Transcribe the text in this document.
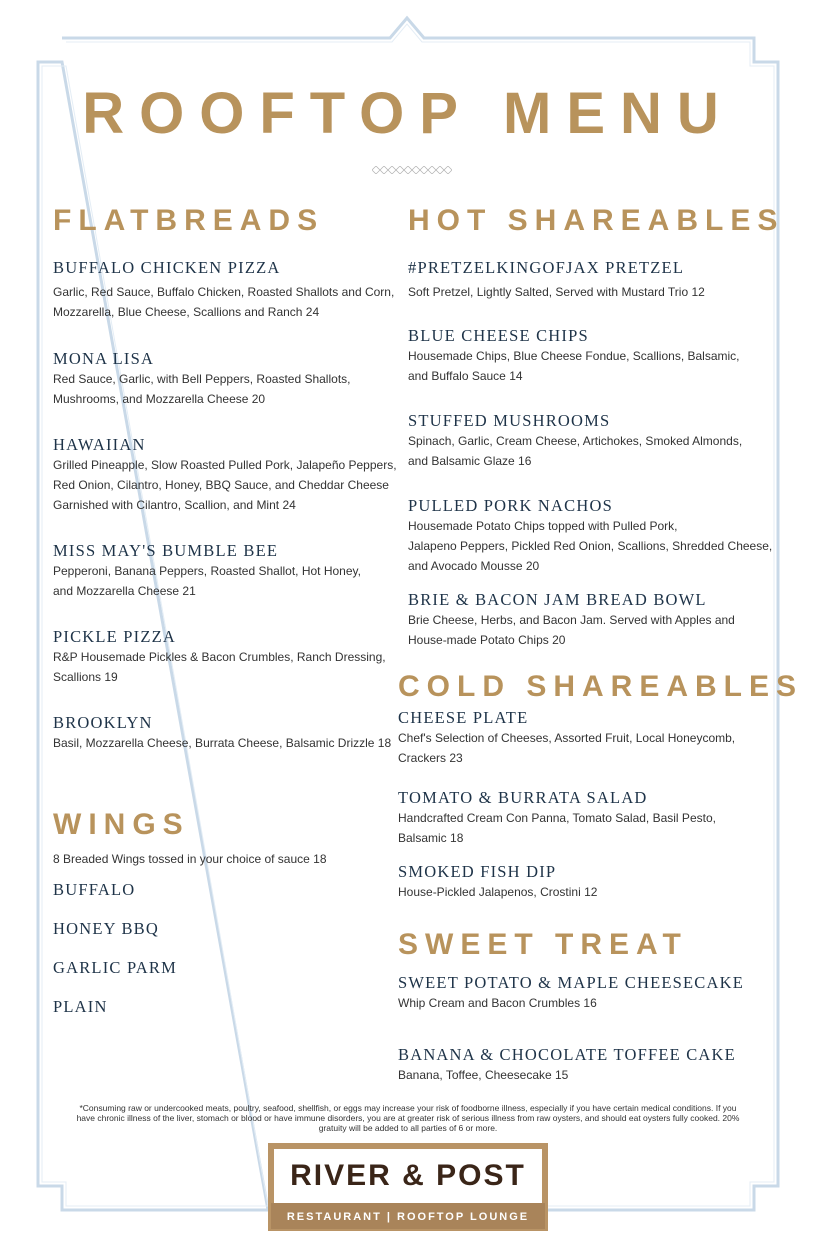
ROOFTOP MENU
FLATBREADS
BUFFALO CHICKEN PIZZA
Garlic, Red Sauce, Buffalo Chicken, Roasted Shallots and Corn,
Mozzarella, Blue Cheese, Scallions and Ranch 24
MONA LISA
Red Sauce, Garlic, with Bell Peppers, Roasted Shallots,
Mushrooms, and Mozzarella Cheese 20
HAWAIIAN
Grilled Pineapple, Slow Roasted Pulled Pork, Jalapeño Peppers,
Red Onion, Cilantro, Honey, BBQ Sauce, and Cheddar Cheese
Garnished with Cilantro, Scallion, and Mint 24
MISS MAY'S BUMBLE BEE
Pepperoni, Banana Peppers, Roasted Shallot, Hot Honey,
and Mozzarella Cheese 21
PICKLE PIZZA
R&P Housemade Pickles & Bacon Crumbles, Ranch Dressing,
Scallions 19
BROOKLYN
Basil, Mozzarella Cheese, Burrata Cheese, Balsamic Drizzle 18
WINGS
8 Breaded Wings tossed in your choice of sauce 18
BUFFALO
HONEY BBQ
GARLIC PARM
PLAIN
HOT SHAREABLES
#PRETZELKINGOFJAX PRETZEL
Soft Pretzel, Lightly Salted, Served with Mustard Trio 12
BLUE CHEESE CHIPS
Housemade Chips, Blue Cheese Fondue, Scallions, Balsamic,
and Buffalo Sauce 14
STUFFED MUSHROOMS
Spinach, Garlic, Cream Cheese, Artichokes, Smoked Almonds,
and Balsamic Glaze 16
PULLED PORK NACHOS
Housemade Potato Chips topped with Pulled Pork,
Jalapeno Peppers, Pickled Red Onion, Scallions, Shredded Cheese,
and Avocado Mousse 20
BRIE & BACON JAM BREAD BOWL
Brie Cheese, Herbs, and Bacon Jam. Served with Apples and
House-made Potato Chips 20
COLD SHAREABLES
CHEESE PLATE
Chef's Selection of Cheeses, Assorted Fruit, Local Honeycomb,
Crackers 23
TOMATO & BURRATA SALAD
Handcrafted Cream Con Panna, Tomato Salad, Basil Pesto,
Balsamic 18
SMOKED FISH DIP
House-Pickled Jalapenos, Crostini 12
SWEET TREAT
SWEET POTATO & MAPLE CHEESECAKE
Whip Cream and Bacon Crumbles 16
BANANA & CHOCOLATE TOFFEE CAKE
Banana, Toffee, Cheesecake 15
*Consuming raw or undercooked meats, poultry, seafood, shellfish, or eggs may increase your risk of foodborne illness, especially if you have certain medical conditions. If you have chronic illness of the liver, stomach or blood or have immune disorders, you are at greater risk of serious illness from raw oysters, and should eat oysters fully cooked. 20% gratuity will be added to all parties of 6 or more.
RIVER & POST
RESTAURANT | ROOFTOP LOUNGE
